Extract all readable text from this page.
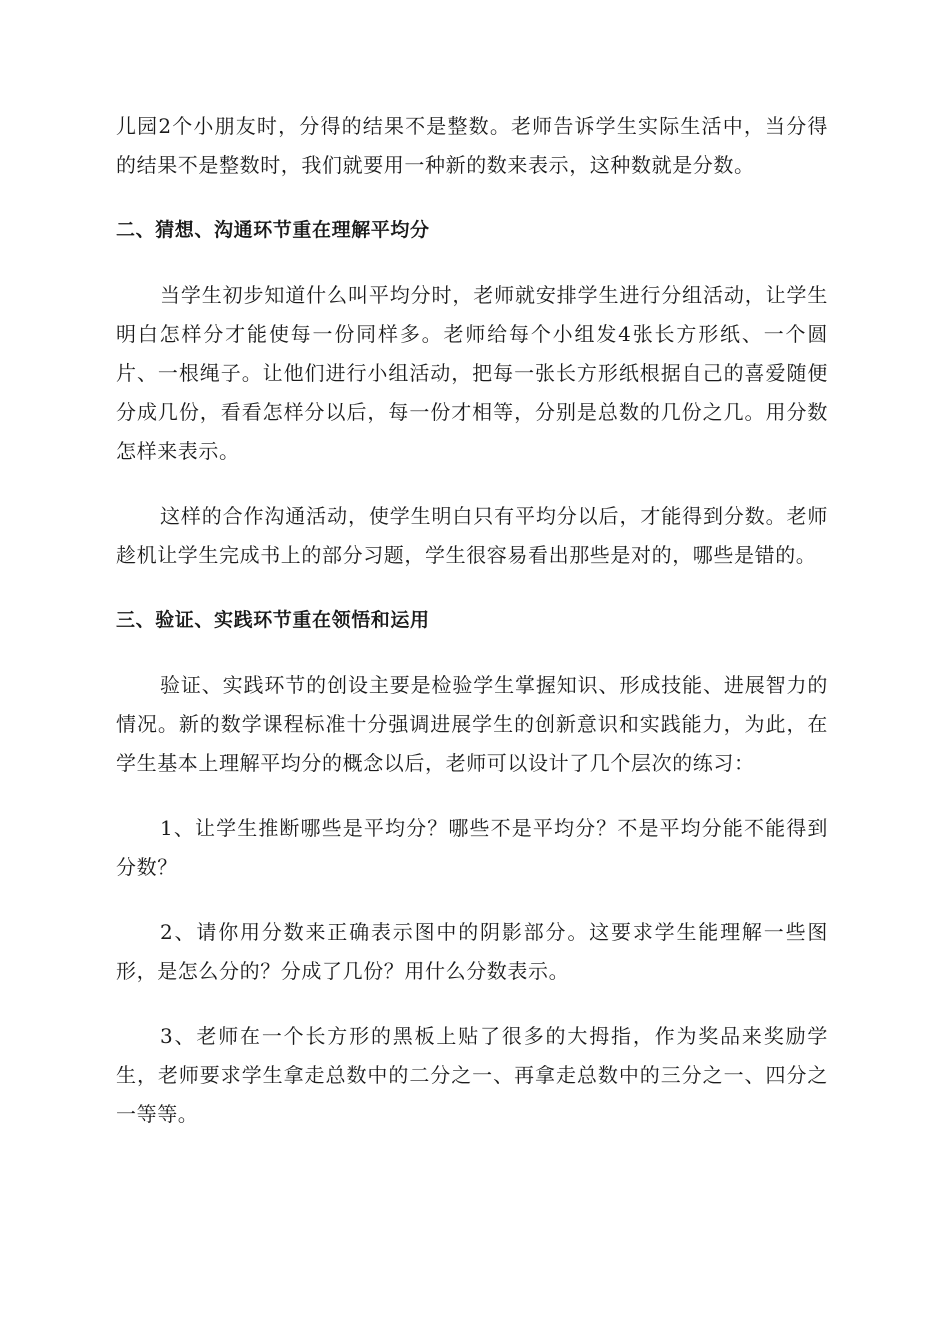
儿园2个小朋友时，分得的结果不是整数。老师告诉学生实际生活中，当分得的结果不是整数时，我们就要用一种新的数来表示，这种数就是分数。

二、猜想、沟通环节重在理解平均分

当学生初步知道什么叫平均分时，老师就安排学生进行分组活动，让学生明白怎样分才能使每一份同样多。老师给每个小组发4张长方形纸、一个圆片、一根绳子。让他们进行小组活动，把每一张长方形纸根据自己的喜爱随便分成几份，看看怎样分以后，每一份才相等，分别是总数的几份之几。用分数怎样来表示。

这样的合作沟通活动，使学生明白只有平均分以后，才能得到分数。老师趁机让学生完成书上的部分习题，学生很容易看出那些是对的，哪些是错的。

三、验证、实践环节重在领悟和运用

验证、实践环节的创设主要是检验学生掌握知识、形成技能、进展智力的情况。新的数学课程标准十分强调进展学生的创新意识和实践能力，为此，在学生基本上理解平均分的概念以后，老师可以设计了几个层次的练习：

1、让学生推断哪些是平均分？哪些不是平均分？不是平均分能不能得到分数？

2、请你用分数来正确表示图中的阴影部分。这要求学生能理解一些图形，是怎么分的？分成了几份？用什么分数表示。

3、老师在一个长方形的黑板上贴了很多的大拇指，作为奖品来奖励学生，老师要求学生拿走总数中的二分之一、再拿走总数中的三分之一、四分之一等等。
